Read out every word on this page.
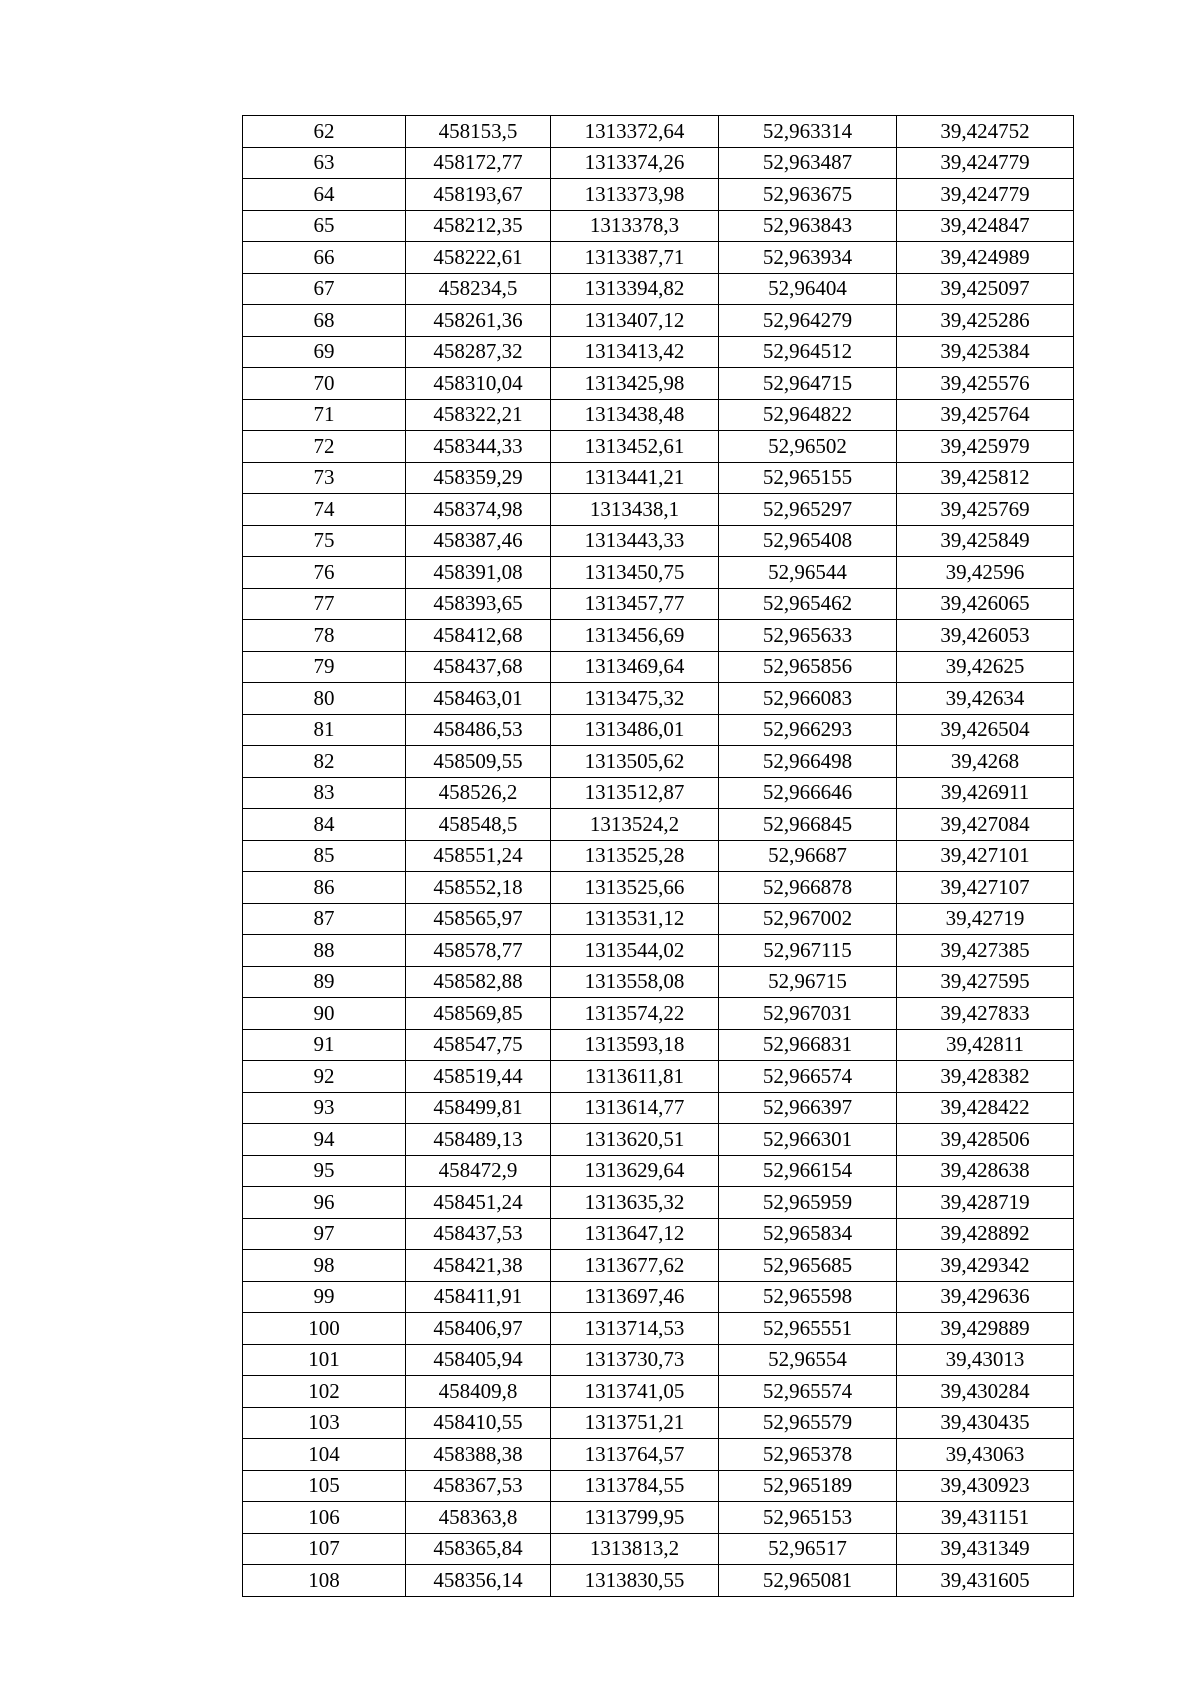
62	458153,5	1313372,64	52,963314	39,424752
63	458172,77	1313374,26	52,963487	39,424779
64	458193,67	1313373,98	52,963675	39,424779
65	458212,35	1313378,3	52,963843	39,424847
66	458222,61	1313387,71	52,963934	39,424989
67	458234,5	1313394,82	52,96404	39,425097
68	458261,36	1313407,12	52,964279	39,425286
69	458287,32	1313413,42	52,964512	39,425384
70	458310,04	1313425,98	52,964715	39,425576
71	458322,21	1313438,48	52,964822	39,425764
72	458344,33	1313452,61	52,96502	39,425979
73	458359,29	1313441,21	52,965155	39,425812
74	458374,98	1313438,1	52,965297	39,425769
75	458387,46	1313443,33	52,965408	39,425849
76	458391,08	1313450,75	52,96544	39,42596
77	458393,65	1313457,77	52,965462	39,426065
78	458412,68	1313456,69	52,965633	39,426053
79	458437,68	1313469,64	52,965856	39,42625
80	458463,01	1313475,32	52,966083	39,42634
81	458486,53	1313486,01	52,966293	39,426504
82	458509,55	1313505,62	52,966498	39,4268
83	458526,2	1313512,87	52,966646	39,426911
84	458548,5	1313524,2	52,966845	39,427084
85	458551,24	1313525,28	52,96687	39,427101
86	458552,18	1313525,66	52,966878	39,427107
87	458565,97	1313531,12	52,967002	39,42719
88	458578,77	1313544,02	52,967115	39,427385
89	458582,88	1313558,08	52,96715	39,427595
90	458569,85	1313574,22	52,967031	39,427833
91	458547,75	1313593,18	52,966831	39,42811
92	458519,44	1313611,81	52,966574	39,428382
93	458499,81	1313614,77	52,966397	39,428422
94	458489,13	1313620,51	52,966301	39,428506
95	458472,9	1313629,64	52,966154	39,428638
96	458451,24	1313635,32	52,965959	39,428719
97	458437,53	1313647,12	52,965834	39,428892
98	458421,38	1313677,62	52,965685	39,429342
99	458411,91	1313697,46	52,965598	39,429636
100	458406,97	1313714,53	52,965551	39,429889
101	458405,94	1313730,73	52,96554	39,43013
102	458409,8	1313741,05	52,965574	39,430284
103	458410,55	1313751,21	52,965579	39,430435
104	458388,38	1313764,57	52,965378	39,43063
105	458367,53	1313784,55	52,965189	39,430923
106	458363,8	1313799,95	52,965153	39,431151
107	458365,84	1313813,2	52,96517	39,431349
108	458356,14	1313830,55	52,965081	39,431605
